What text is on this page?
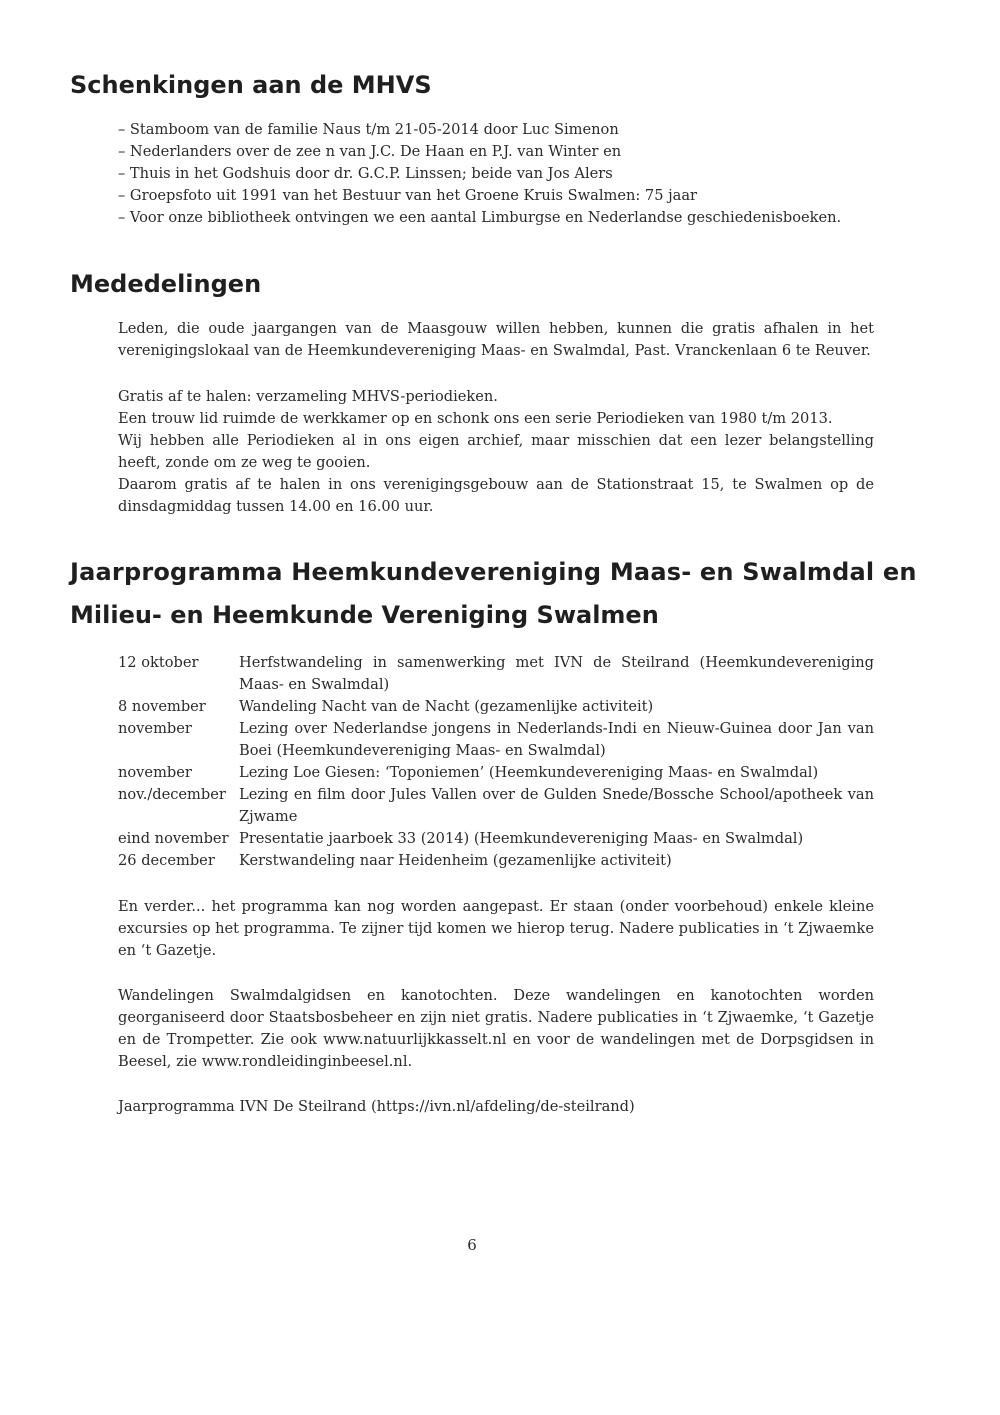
Schenkingen aan de MHVS
– Stamboom van de familie Naus t/m 21-05-2014 door Luc Simenon
– Nederlanders over de zee n van J.C. De Haan en P.J. van Winter en
– Thuis in het Godshuis door dr. G.C.P. Linssen; beide van Jos Alers
– Groepsfoto uit 1991 van het Bestuur van het Groene Kruis Swalmen: 75 jaar
– Voor onze bibliotheek ontvingen we een aantal Limburgse en Nederlandse geschiedenisboeken.
Mededelingen

Leden, die oude jaargangen van de Maasgouw willen hebben, kunnen die gratis afhalen in het verenigingslokaal van de Heemkundevereniging Maas- en Swalmdal, Past. Vranckenlaan 6 te Reuver.

Gratis af te halen: verzameling MHVS-periodieken.

Een trouw lid ruimde de werkkamer op en schonk ons een serie Periodieken van 1980 t/m 2013.

Wij hebben alle Periodieken al in ons eigen archief, maar misschien dat een lezer belangstelling heeft, zonde om ze weg te gooien.

Daarom gratis af te halen in ons verenigingsgebouw aan de Stationstraat 15, te Swalmen op de dinsdagmiddag tussen 14.00 en 16.00 uur.

Jaarprogramma Heemkundevereniging Maas- en Swalmdal en
Milieu- en Heemkunde Vereniging Swalmen
12 oktober	Herfstwandeling in samenwerking met IVN de Steilrand (Heemkundevereniging Maas- en Swalmdal)
8 november Wandeling Nacht van de Nacht (gezamenlijke activiteit)
november	Lezing over Nederlandse jongens in Nederlands-Indi en Nieuw-Guinea door Jan van Boei (Heemkundevereniging Maas- en Swalmdal)
november	Lezing Loe Giesen: ‘Toponiemen’ (Heemkundevereniging Maas- en Swalmdal)
nov./december Lezing en film door Jules Vallen over de Gulden Snede/Bossche School/apotheek van Zjwame
eind november Presentatie jaarboek 33 (2014) (Heemkundevereniging Maas- en Swalmdal)
26 december Kerstwandeling naar Heidenheim (gezamenlijke activiteit)

En verder... het programma kan nog worden aangepast. Er staan (onder voorbehoud) enkele kleine excursies op het programma. Te zijner tijd komen we hierop terug. Nadere publicaties in ‘t Zjwaemke en ‘t Gazetje.

Wandelingen Swalmdalgidsen en kanotochten. Deze wandelingen en kanotochten worden georganiseerd door Staatsbosbeheer en zijn niet gratis. Nadere publicaties in ‘t Zjwaemke, ‘t Gazetje en de Trompetter. Zie ook www.natuurlijkkasselt.nl en voor de wandelingen met de Dorpsgidsen in Beesel, zie www.rondleidinginbeesel.nl.

Jaarprogramma IVN De Steilrand (https://ivn.nl/afdeling/de-steilrand)

6
